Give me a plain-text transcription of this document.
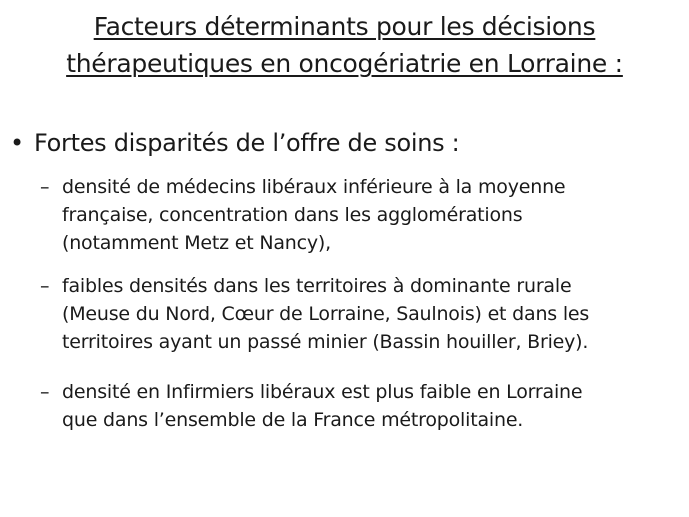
Facteurs déterminants pour les décisions
thérapeutiques en oncogériatrie en Lorraine :
• Fortes disparités de l’offre de soins :
– densité de médecins libéraux inférieure à la moyenne
française, concentration dans les agglomérations
(notamment Metz et Nancy),
– faibles densités dans les territoires à dominante rurale
(Meuse du Nord, Cœur de Lorraine, Saulnois) et dans les
territoires ayant un passé minier (Bassin houiller, Briey).
– densité en Infirmiers libéraux est plus faible en Lorraine
que dans l’ensemble de la France métropolitaine.
